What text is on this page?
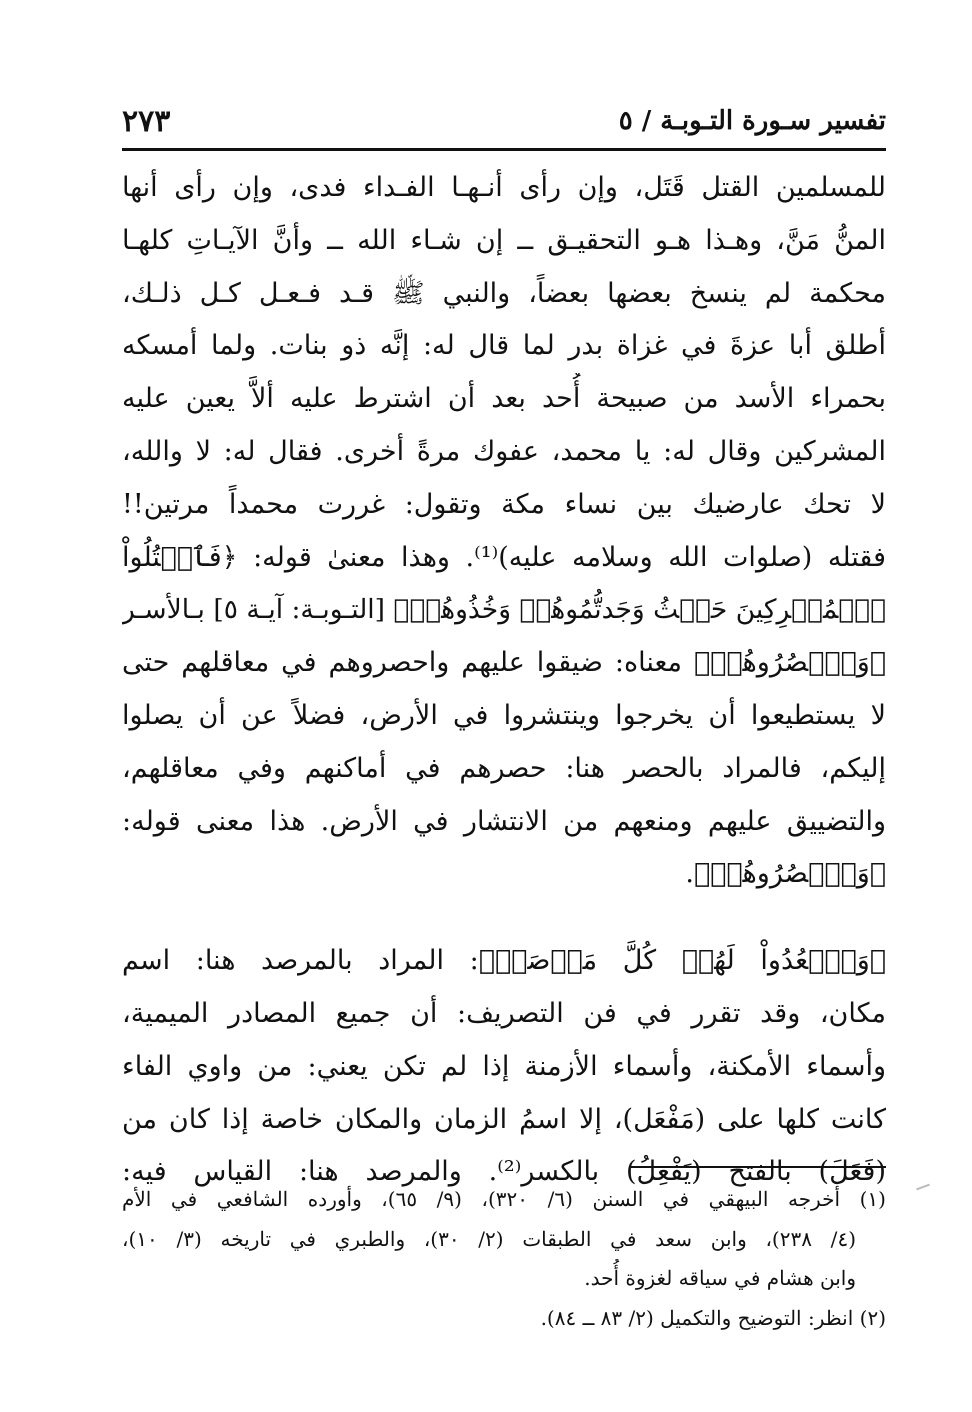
تفسير سـورة التـوبـة / ٥
٢٧٣
للمسلمين القتل قَتَل، وإن رأى أنـهـا الفـداء فدى، وإن رأى أنها
المنُّ مَنَّ، وهـذا هـو التحقيـق ــ إن شـاء الله ــ وأنَّ الآيـاتِ كلهـا
محكمة لم ينسخ بعضها بعضاً، والنبي ﷺ قـد فـعـل كـل ذلـك،
أطلق أبا عزةَ في غزاة بدر لما قال له: إنَّه ذو بنات. ولما أمسكه
بحمراء الأسد من صبيحة أُحد بعد أن اشترط عليه ألاَّ يعين عليه
المشركين وقال له: يا محمد، عفوك مرةً أخرى. فقال له: لا والله،
لا تحك عارضيك بين نساء مكة وتقول: غررت محمداً مرتين!!
فقتله (صلوات الله وسلامه عليه)⁽¹⁾. وهذا معنىٰ قوله: ﴿فَٱقۡتُلُواْ
ٱلۡمُشۡرِكِينَ حَيۡثُ وَجَدتُّمُوهُمۡ وَخُذُوهُمۡ﴾ [التـوبـة: آيـة ٥] بـالأسـر
﴿وَٱحۡصُرُوهُمۡ﴾ معناه: ضيقوا عليهم واحصروهم في معاقلهم حتى
لا يستطيعوا أن يخرجوا وينتشروا في الأرض، فضلاً عن أن يصلوا
إليكم، فالمراد بالحصر هنا: حصرهم في أماكنهم وفي معاقلهم،
والتضييق عليهم ومنعهم من الانتشار في الأرض. هذا معنى قوله:
﴿وَٱحۡصُرُوهُمۡ﴾.
﴿وَٱقۡعُدُواْ لَهُمۡ كُلَّ مَرۡصَدٖ﴾: المراد بالمرصد هنا: اسم
مكان، وقد تقرر في فن التصريف: أن جميع المصادر الميمية،
وأسماء الأمكنة، وأسماء الأزمنة إذا لم تكن يعني: من واوي الفاء
كانت كلها على (مَفْعَل)، إلا اسمُ الزمان والمكان خاصة إذا كان من
(فَعَلَ) بالفتح (يَفْعِلُ) بالكسر⁽²⁾. والمرصد هنا: القياس فيه:
(١) أخرجه البيهقي في السنن (٦/ ٣٢٠)، (٩/ ٦٥)، وأورده الشافعي في الأم
(٤/ ٢٣٨)، وابن سعد في الطبقات (٢/ ٣٠)، والطبري في تاريخه (٣/ ١٠)،
وابن هشام في سياقه لغزوة أُحد.
(٢) انظر: التوضيح والتكميل (٢/ ٨٣ ــ ٨٤).
